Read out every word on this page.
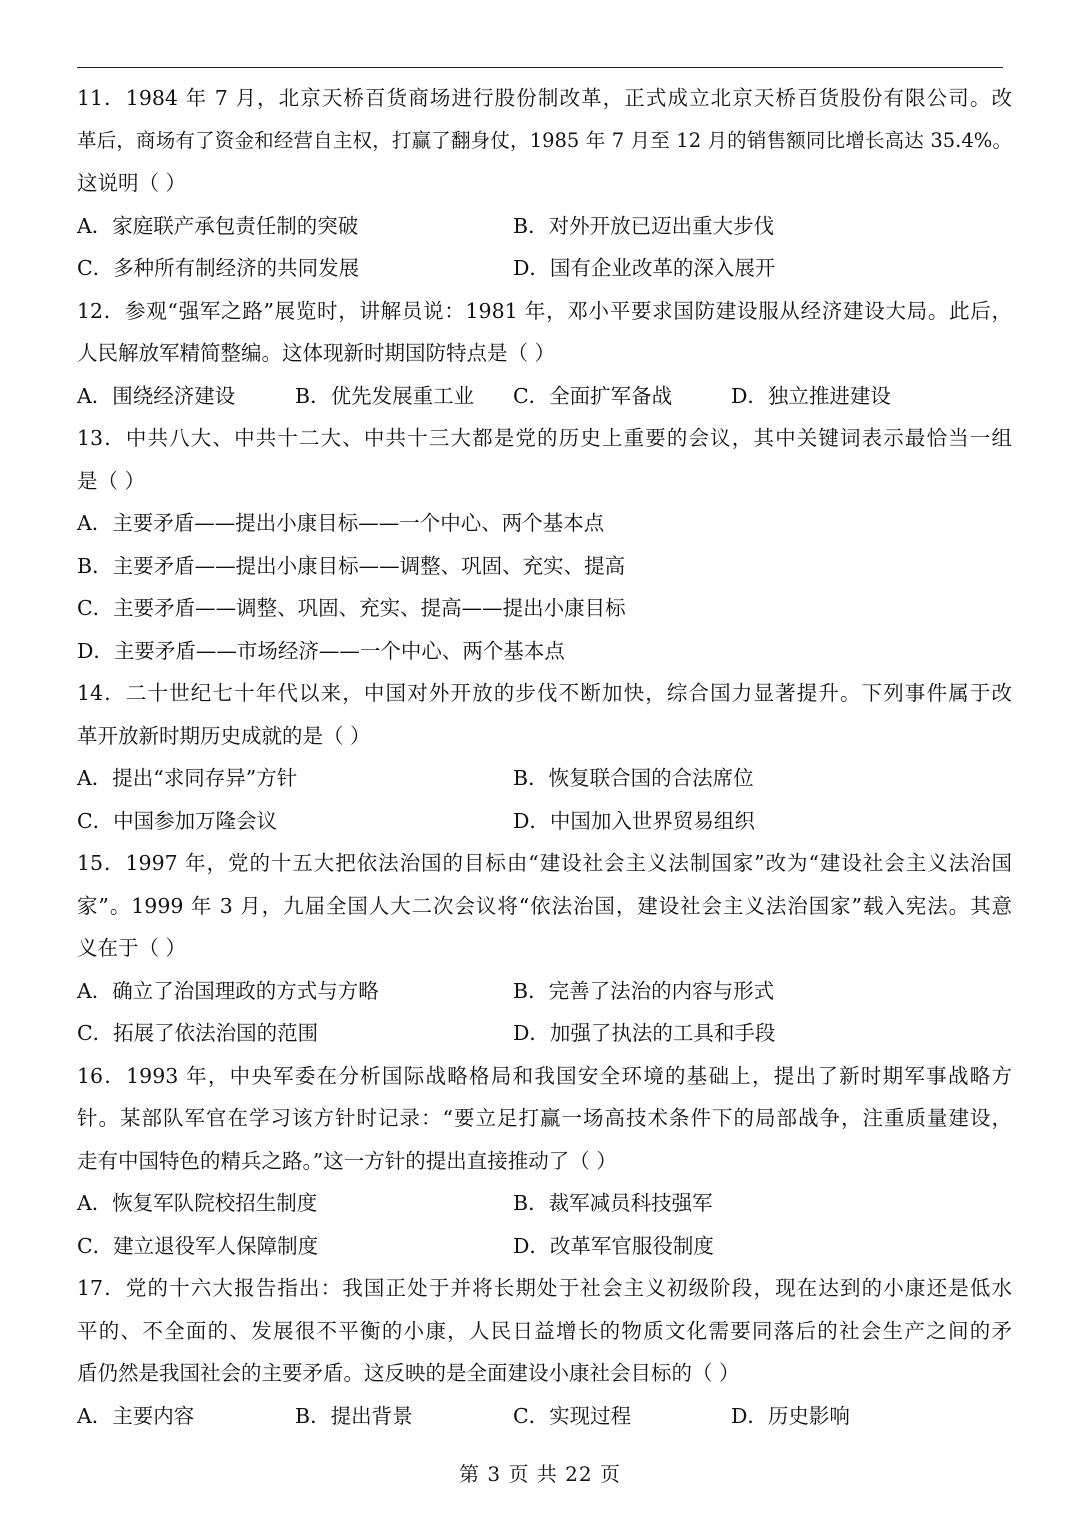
11．1984 年 7 月，北京天桥百货商场进行股份制改革，正式成立北京天桥百货股份有限公司。改
革后，商场有了资金和经营自主权，打赢了翻身仗，1985 年 7 月至 12 月的销售额同比增长高达 35.4%。
这说明（ ）
A．家庭联产承包责任制的突破	B．对外开放已迈出重大步伐
C．多种所有制经济的共同发展	D．国有企业改革的深入展开
12．参观“强军之路”展览时，讲解员说：1981 年，邓小平要求国防建设服从经济建设大局。此后，
人民解放军精简整编。这体现新时期国防特点是（ ）
A．围绕经济建设	B．优先发展重工业	C．全面扩军备战	D．独立推进建设
13．中共八大、中共十二大、中共十三大都是党的历史上重要的会议，其中关键词表示最恰当一组
是（ ）
A．主要矛盾——提出小康目标——一个中心、两个基本点
B．主要矛盾——提出小康目标——调整、巩固、充实、提高
C．主要矛盾——调整、巩固、充实、提高——提出小康目标
D．主要矛盾——市场经济——一个中心、两个基本点
14．二十世纪七十年代以来，中国对外开放的步伐不断加快，综合国力显著提升。下列事件属于改
革开放新时期历史成就的是（ ）
A．提出“求同存异”方针	B．恢复联合国的合法席位
C．中国参加万隆会议	D．中国加入世界贸易组织
15．1997 年，党的十五大把依法治国的目标由“建设社会主义法制国家”改为“建设社会主义法治国
家”。1999 年 3 月，九届全国人大二次会议将“依法治国，建设社会主义法治国家”载入宪法。其意
义在于（ ）
A．确立了治国理政的方式与方略	B．完善了法治的内容与形式
C．拓展了依法治国的范围	D．加强了执法的工具和手段
16．1993 年，中央军委在分析国际战略格局和我国安全环境的基础上，提出了新时期军事战略方
针。某部队军官在学习该方针时记录：“要立足打赢一场高技术条件下的局部战争，注重质量建设，
走有中国特色的精兵之路。”这一方针的提出直接推动了（ ）
A．恢复军队院校招生制度	B．裁军减员科技强军
C．建立退役军人保障制度	D．改革军官服役制度
17．党的十六大报告指出：我国正处于并将长期处于社会主义初级阶段，现在达到的小康还是低水
平的、不全面的、发展很不平衡的小康，人民日益增长的物质文化需要同落后的社会生产之间的矛
盾仍然是我国社会的主要矛盾。这反映的是全面建设小康社会目标的（ ）
A．主要内容	B．提出背景	C．实现过程	D．历史影响
第 3 页 共 22 页
